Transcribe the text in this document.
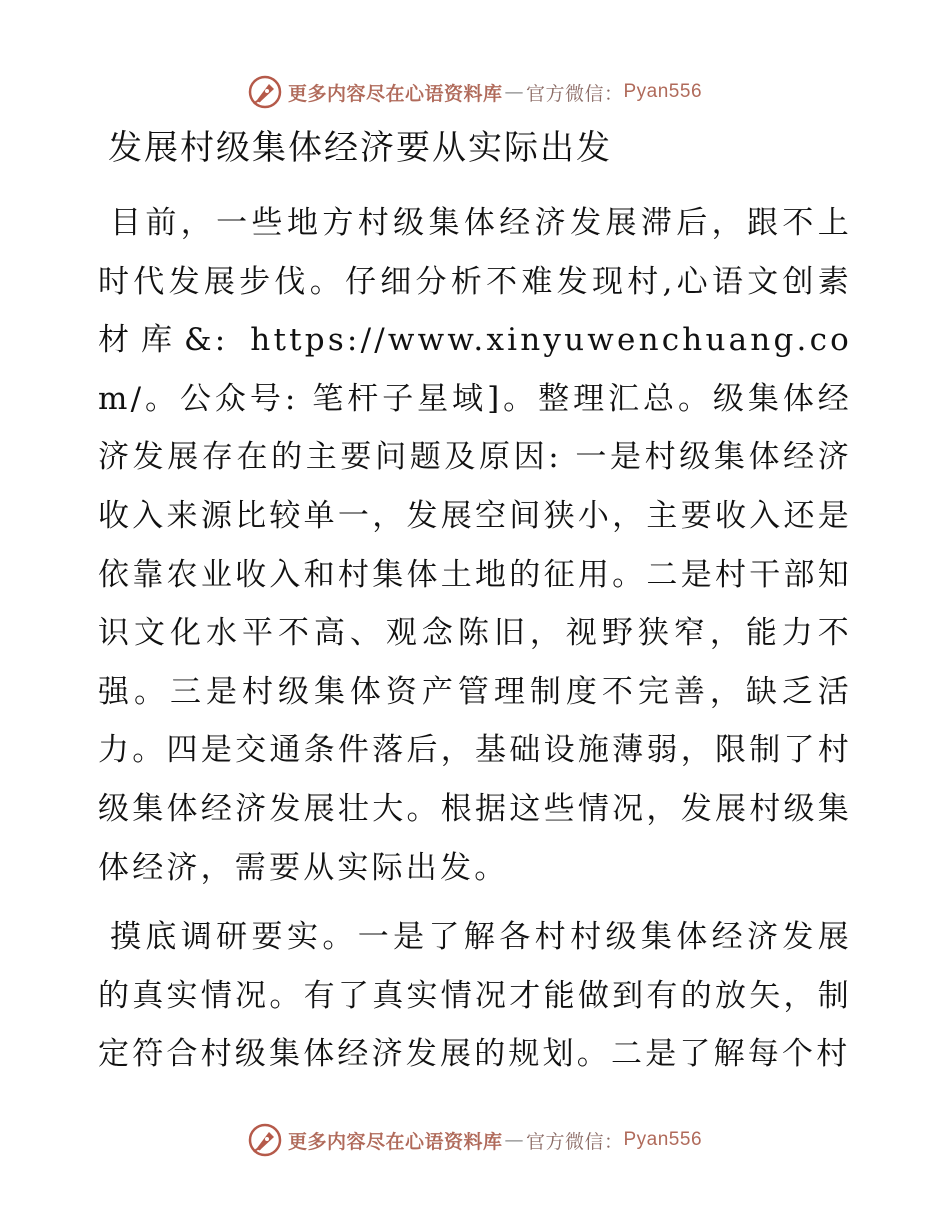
更多内容尽在心语资料库 — 官方微信： Pyan556
发展村级集体经济要从实际出发

目前，一些地方村级集体经济发展滞后，跟不上时代发展步伐。仔细分析不难发现村,心语文创素材库&: https://www.xinyuwenchuang.com/。公众号: 笔杆子星域]。整理汇总。级集体经济发展存在的主要问题及原因: 一是村级集体经济收入来源比较单一，发展空间狭小，主要收入还是依靠农业收入和村集体土地的征用。二是村干部知识文化水平不高、观念陈旧，视野狭窄，能力不强。三是村级集体资产管理制度不完善，缺乏活力。四是交通条件落后，基础设施薄弱，限制了村级集体经济发展壮大。根据这些情况，发展村级集体经济，需要从实际出发。

摸底调研要实。一是了解各村村级集体经济发展的真实情况。有了真实情况才能做到有的放矢，制定符合村级集体经济发展的规划。二是了解每个村

更多内容尽在心语资料库 — 官方微信： Pyan556
